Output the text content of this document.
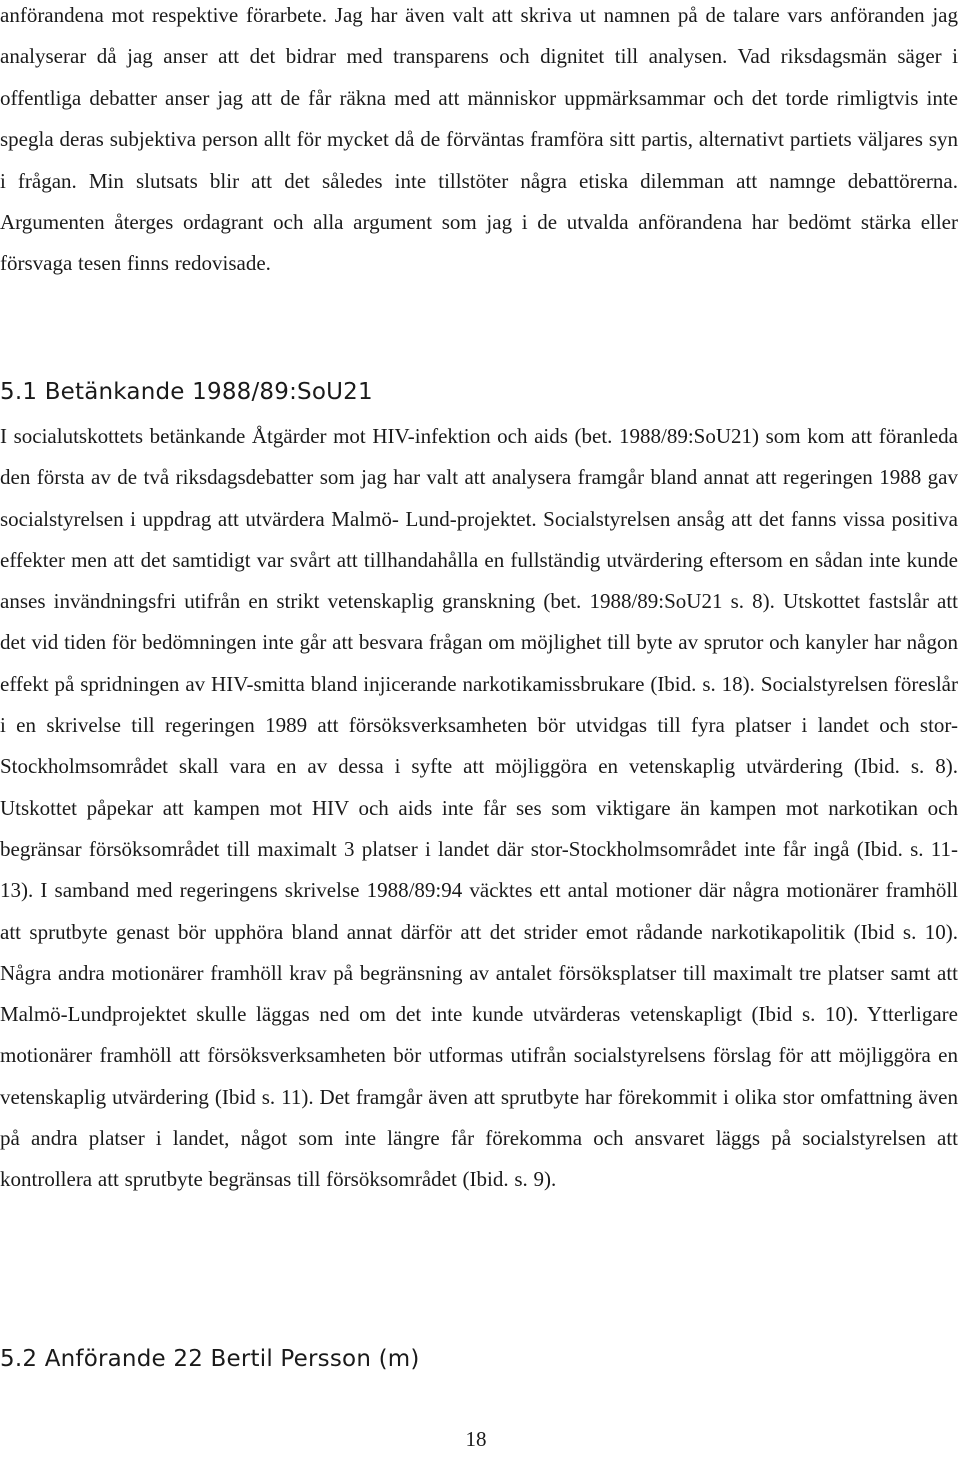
anförandena mot respektive förarbete. Jag har även valt att skriva ut namnen på de talare vars anföranden jag analyserar då jag anser att det bidrar med transparens och dignitet till analysen. Vad riksdagsmän säger i offentliga debatter anser jag att de får räkna med att människor uppmärksammar och det torde rimligtvis inte spegla deras subjektiva person allt för mycket då de förväntas framföra sitt partis, alternativt partiets väljares syn i frågan. Min slutsats blir att det således inte tillstöter några etiska dilemman att namnge debattörerna. Argumenten återges ordagrant och alla argument som jag i de utvalda anförandena har bedömt stärka eller försvaga tesen finns redovisade.

5.1 Betänkande 1988/89:SoU21

I socialutskottets betänkande Åtgärder mot HIV-infektion och aids (bet. 1988/89:SoU21) som kom att föranleda den första av de två riksdagsdebatter som jag har valt att analysera framgår bland annat att regeringen 1988 gav socialstyrelsen i uppdrag att utvärdera Malmö- Lund-projektet. Socialstyrelsen ansåg att det fanns vissa positiva effekter men att det samtidigt var svårt att tillhandahålla en fullständig utvärdering eftersom en sådan inte kunde anses invändningsfri utifrån en strikt vetenskaplig granskning (bet. 1988/89:SoU21 s. 8). Utskottet fastslår att det vid tiden för bedömningen inte går att besvara frågan om möjlighet till byte av sprutor och kanyler har någon effekt på spridningen av HIV-smitta bland injicerande narkotikamissbrukare (Ibid. s. 18). Socialstyrelsen föreslår i en skrivelse till regeringen 1989 att försöksverksamheten bör utvidgas till fyra platser i landet och stor-Stockholmsområdet skall vara en av dessa i syfte att möjliggöra en vetenskaplig utvärdering (Ibid. s. 8). Utskottet påpekar att kampen mot HIV och aids inte får ses som viktigare än kampen mot narkotikan och begränsar försöksområdet till maximalt 3 platser i landet där stor-Stockholmsområdet inte får ingå (Ibid. s. 11- 13). I samband med regeringens skrivelse 1988/89:94 väcktes ett antal motioner där några motionärer framhöll att sprutbyte genast bör upphöra bland annat därför att det strider emot rådande narkotikapolitik (Ibid s. 10). Några andra motionärer framhöll krav på begränsning av antalet försöksplatser till maximalt tre platser samt att Malmö-Lundprojektet skulle läggas ned om det inte kunde utvärderas vetenskapligt (Ibid s. 10). Ytterligare motionärer framhöll att försöksverksamheten bör utformas utifrån socialstyrelsens förslag för att möjliggöra en vetenskaplig utvärdering (Ibid s. 11). Det framgår även att sprutbyte har förekommit i olika stor omfattning även på andra platser i landet, något som inte längre får förekomma och ansvaret läggs på socialstyrelsen att kontrollera att sprutbyte begränsas till försöksområdet (Ibid. s. 9).

5.2 Anförande 22 Bertil Persson (m)

18
